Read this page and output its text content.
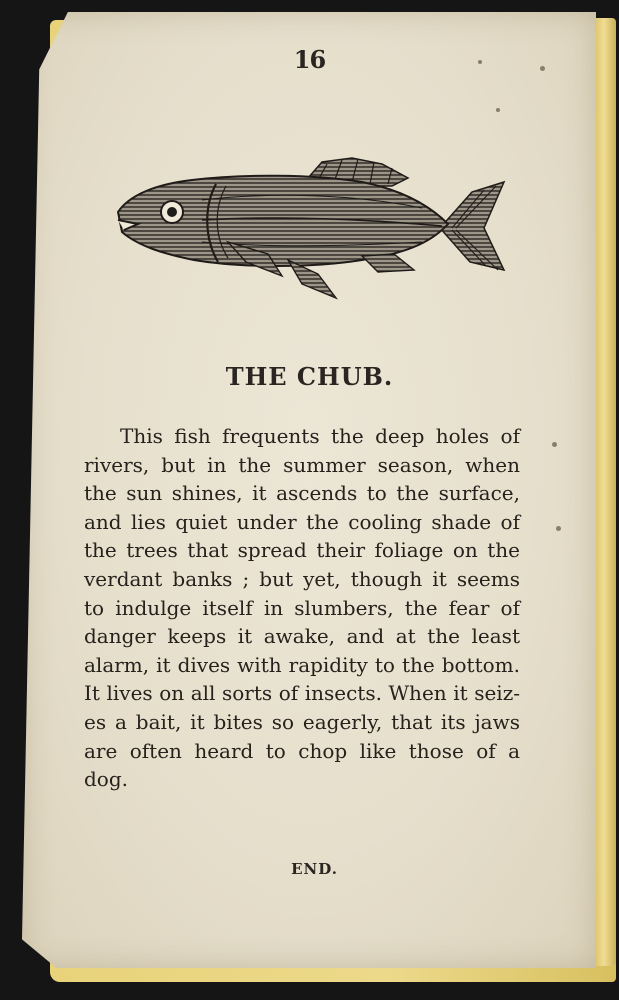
16
THE CHUB.
This fish frequents the deep holes of rivers, but in the summer season, when the sun shines, it ascends to the surface, and lies quiet under the cooling shade of the trees that spread their foliage on the verdant banks ; but yet, though it seems to indulge itself in slumbers, the fear of danger keeps it awake, and at the least alarm, it dives with rapidity to the bottom. It lives on all sorts of insects. When it seizes a bait, it bites so eagerly, that its jaws are often heard to chop like those of a dog.
END.
